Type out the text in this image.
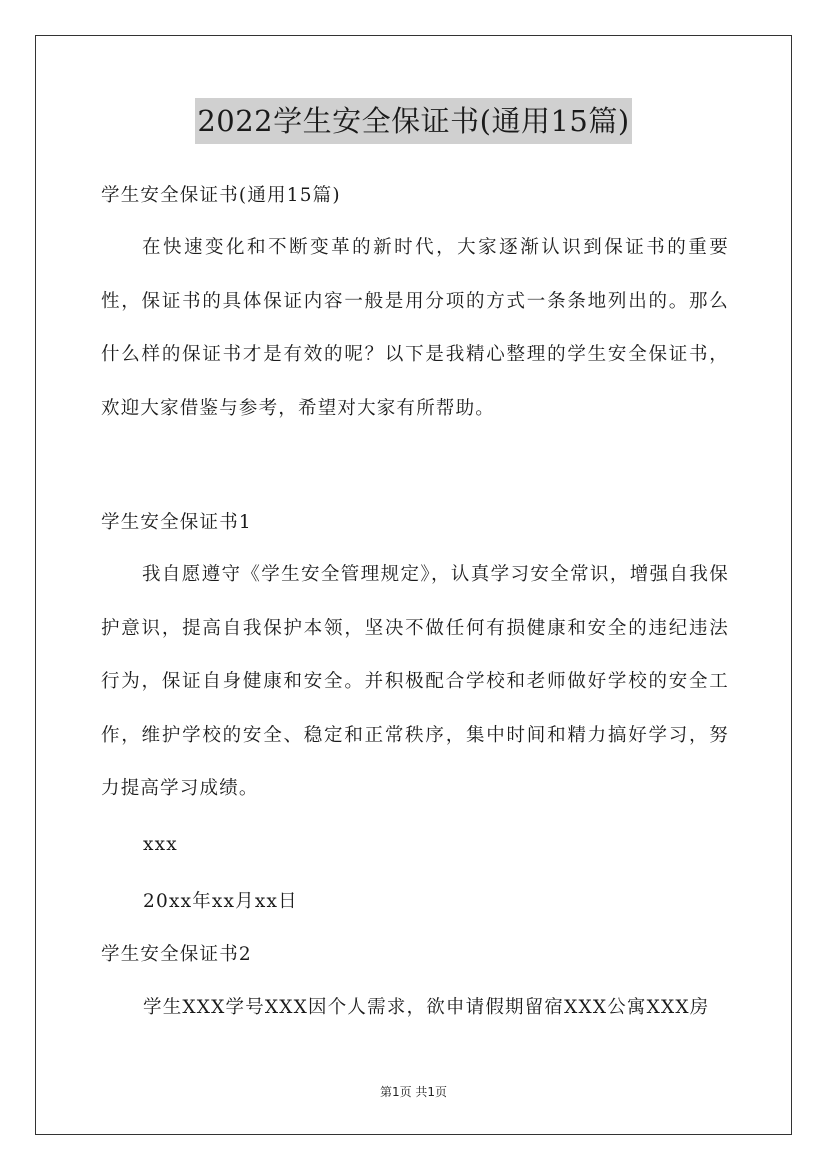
2022学生安全保证书(通用15篇)
学生安全保证书(通用15篇)
在快速变化和不断变革的新时代，大家逐渐认识到保证书的重要性，保证书的具体保证内容一般是用分项的方式一条条地列出的。那么什么样的保证书才是有效的呢？以下是我精心整理的学生安全保证书，欢迎大家借鉴与参考，希望对大家有所帮助。
学生安全保证书1
我自愿遵守《学生安全管理规定》，认真学习安全常识，增强自我保护意识，提高自我保护本领，坚决不做任何有损健康和安全的违纪违法行为，保证自身健康和安全。并积极配合学校和老师做好学校的安全工作，维护学校的安全、稳定和正常秩序，集中时间和精力搞好学习，努力提高学习成绩。
xxx
20xx年xx月xx日
学生安全保证书2
学生XXX学号XXX因个人需求，欲申请假期留宿XXX公寓XXX房
第1页 共1页
